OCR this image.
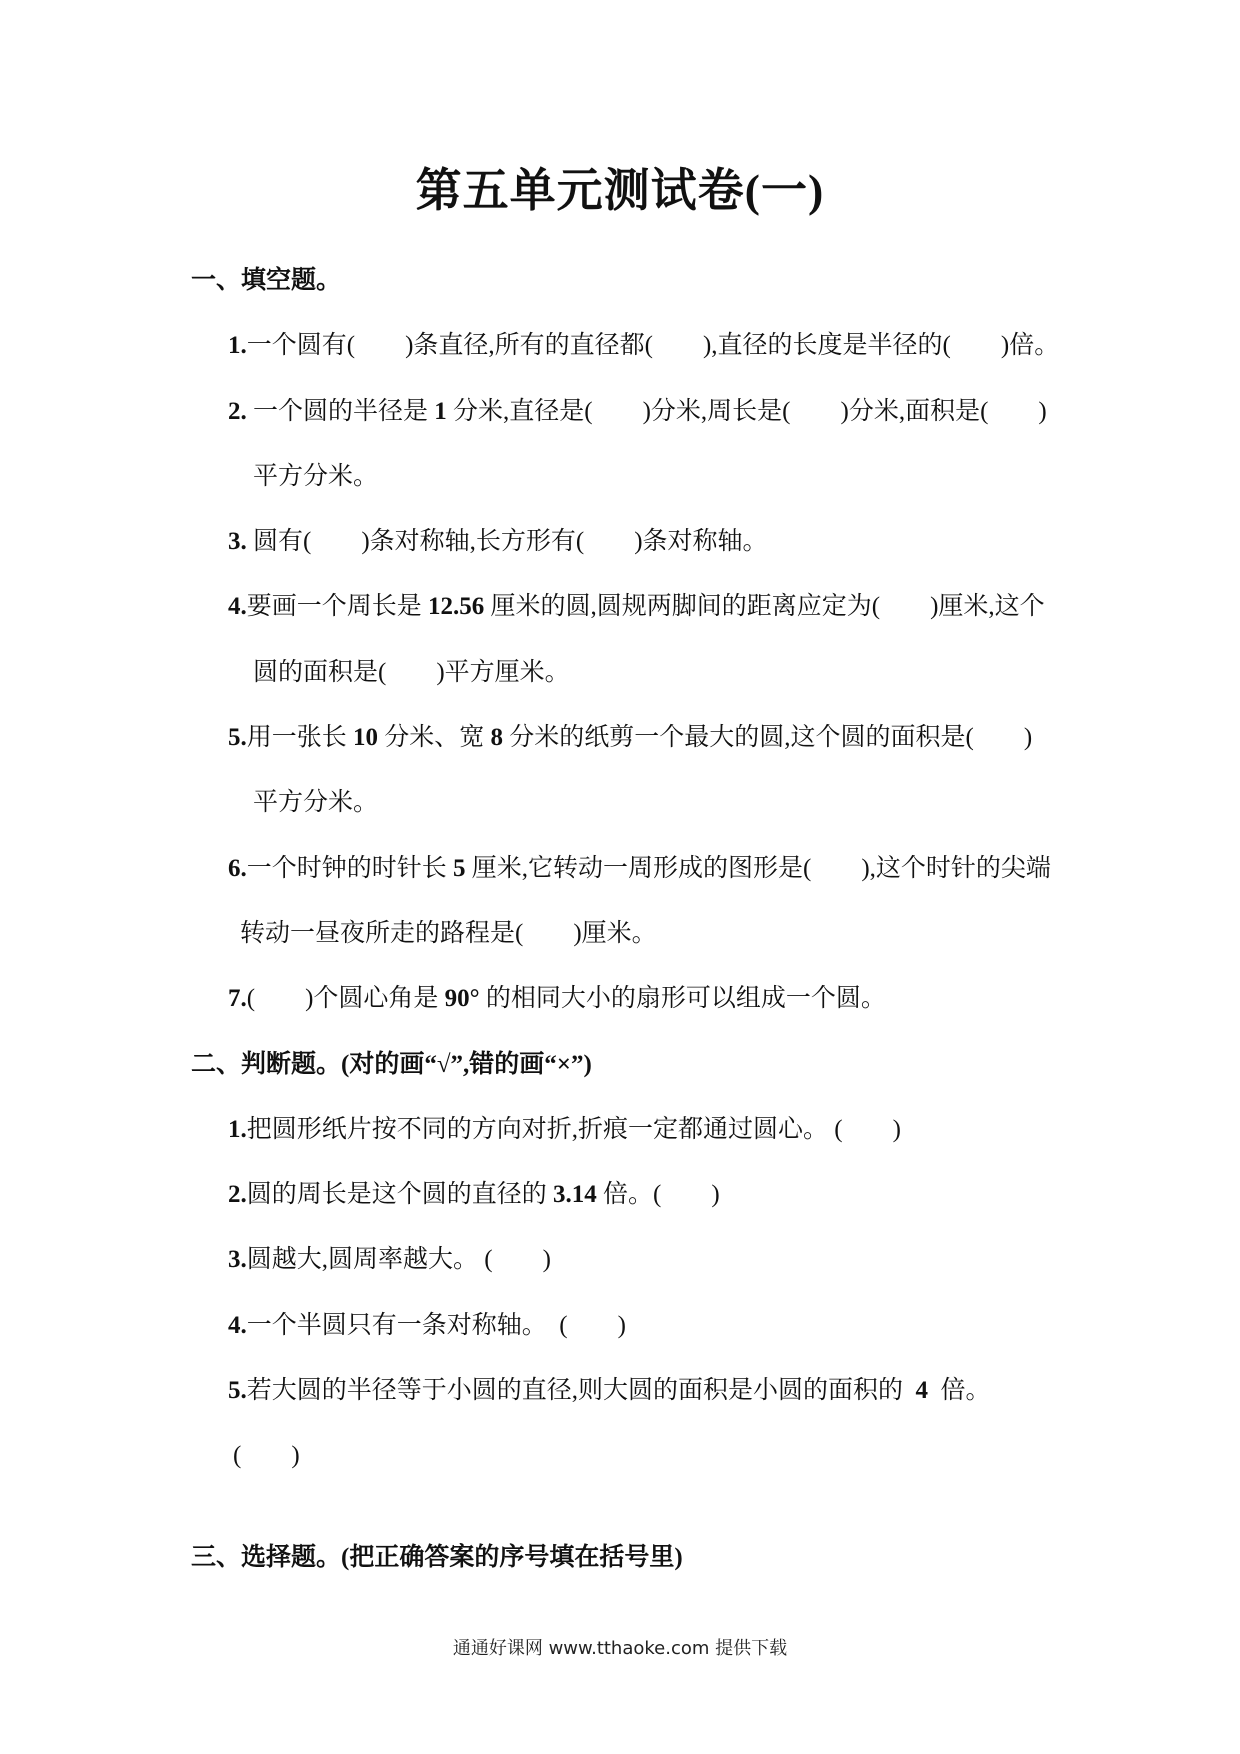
第五单元测试卷(一)
一、填空题。
1.一个圆有(　　)条直径,所有的直径都(　　),直径的长度是半径的(　　)倍。
2. 一个圆的半径是 1 分米,直径是(　　)分米,周长是(　　)分米,面积是(　　)
平方分米。
3. 圆有(　　)条对称轴,长方形有(　　)条对称轴。
4.要画一个周长是 12.56 厘米的圆,圆规两脚间的距离应定为(　　)厘米,这个
圆的面积是(　　)平方厘米。
5.用一张长 10 分米、宽 8 分米的纸剪一个最大的圆,这个圆的面积是(　　)
平方分米。
6.一个时钟的时针长 5 厘米,它转动一周形成的图形是(　　),这个时针的尖端
转动一昼夜所走的路程是(　　)厘米。
7.(　　)个圆心角是 90° 的相同大小的扇形可以组成一个圆。
二、判断题。(对的画“√”,错的画“×”)
1.把圆形纸片按不同的方向对折,折痕一定都通过圆心。 (　　)
2.圆的周长是这个圆的直径的 3.14 倍。(　　)
3.圆越大,圆周率越大。 (　　)
4.一个半圆只有一条对称轴。　(　　)
5.若大圆的半径等于小圆的直径,则大圆的面积是小圆的面积的  4  倍。
(　　)
三、选择题。(把正确答案的序号填在括号里)
通通好课网 www.tthaoke.com 提供下载
